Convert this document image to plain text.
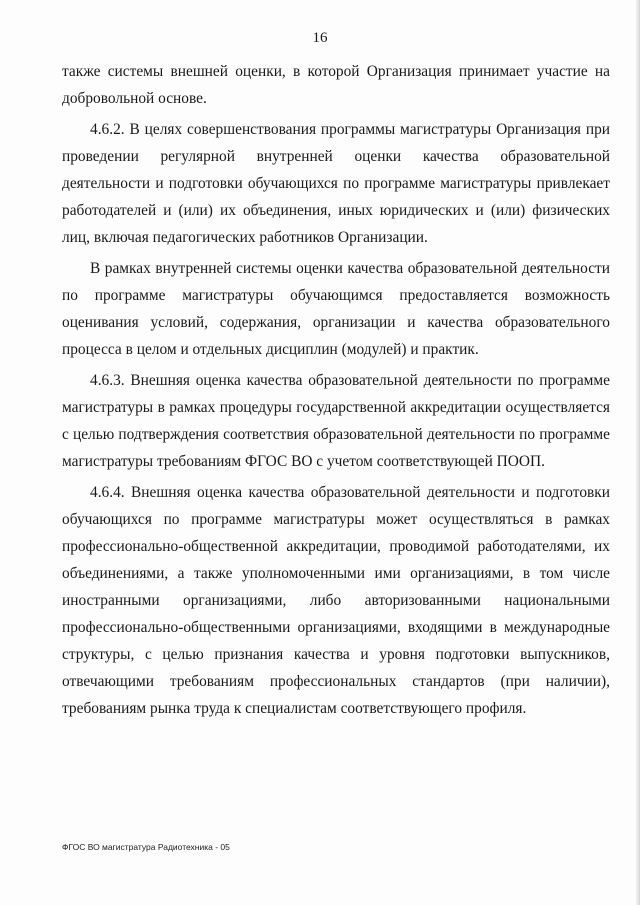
16

также системы внешней оценки, в которой Организация принимает участие на добровольной основе.

4.6.2. В целях совершенствования программы магистратуры Организация при проведении регулярной внутренней оценки качества образовательной деятельности и подготовки обучающихся по программе магистратуры привлекает работодателей и (или) их объединения, иных юридических и (или) физических лиц, включая педагогических работников Организации.

В рамках внутренней системы оценки качества образовательной деятельности по программе магистратуры обучающимся предоставляется возможность оценивания условий, содержания, организации и качества образовательного процесса в целом и отдельных дисциплин (модулей) и практик.

4.6.3. Внешняя оценка качества образовательной деятельности по программе магистратуры в рамках процедуры государственной аккредитации осуществляется с целью подтверждения соответствия образовательной деятельности по программе магистратуры требованиям ФГОС ВО с учетом соответствующей ПООП.

4.6.4. Внешняя оценка качества образовательной деятельности и подготовки обучающихся по программе магистратуры может осуществляться в рамках профессионально-общественной аккредитации, проводимой работодателями, их объединениями, а также уполномоченными ими организациями, в том числе иностранными организациями, либо авторизованными национальными профессионально-общественными организациями, входящими в международные структуры, с целью признания качества и уровня подготовки выпускников, отвечающими требованиям профессиональных стандартов (при наличии), требованиям рынка труда к специалистам соответствующего профиля.

ФГОС ВО магистратура Радиотехника - 05
